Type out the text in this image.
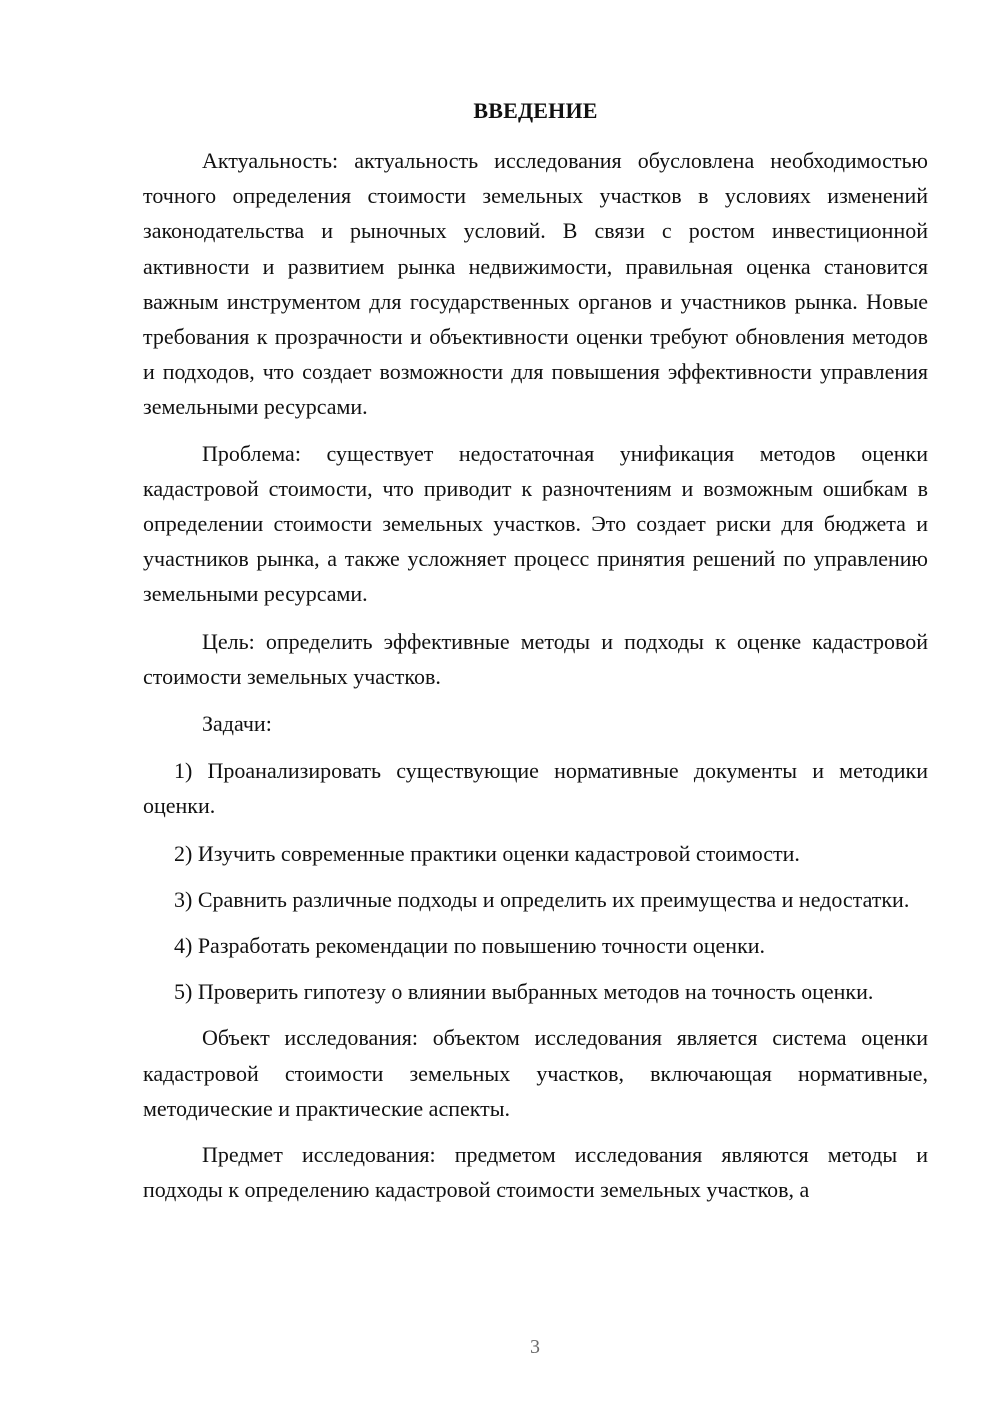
ВВЕДЕНИЕ

Актуальность: актуальность исследования обусловлена необходимостью точного определения стоимости земельных участков в условиях изменений законодательства и рыночных условий. В связи с ростом инвестиционной активности и развитием рынка недвижимости, правильная оценка становится важным инструментом для государственных органов и участников рынка. Новые требования к прозрачности и объективности оценки требуют обновления методов и подходов, что создает возможности для повышения эффективности управления земельными ресурсами.

Проблема: существует недостаточная унификация методов оценки кадастровой стоимости, что приводит к разночтениям и возможным ошибкам в определении стоимости земельных участков. Это создает риски для бюджета и участников рынка, а также усложняет процесс принятия решений по управлению земельными ресурсами.

Цель: определить эффективные методы и подходы к оценке кадастровой стоимости земельных участков.

Задачи:

1) Проанализировать существующие нормативные документы и методики оценки.

2) Изучить современные практики оценки кадастровой стоимости.

3) Сравнить различные подходы и определить их преимущества и недостатки.

4) Разработать рекомендации по повышению точности оценки.

5) Проверить гипотезу о влиянии выбранных методов на точность оценки.

Объект исследования: объектом исследования является система оценки кадастровой стоимости земельных участков, включающая нормативные, методические и практические аспекты.

Предмет исследования: предметом исследования являются методы и подходы к определению кадастровой стоимости земельных участков, а

3
